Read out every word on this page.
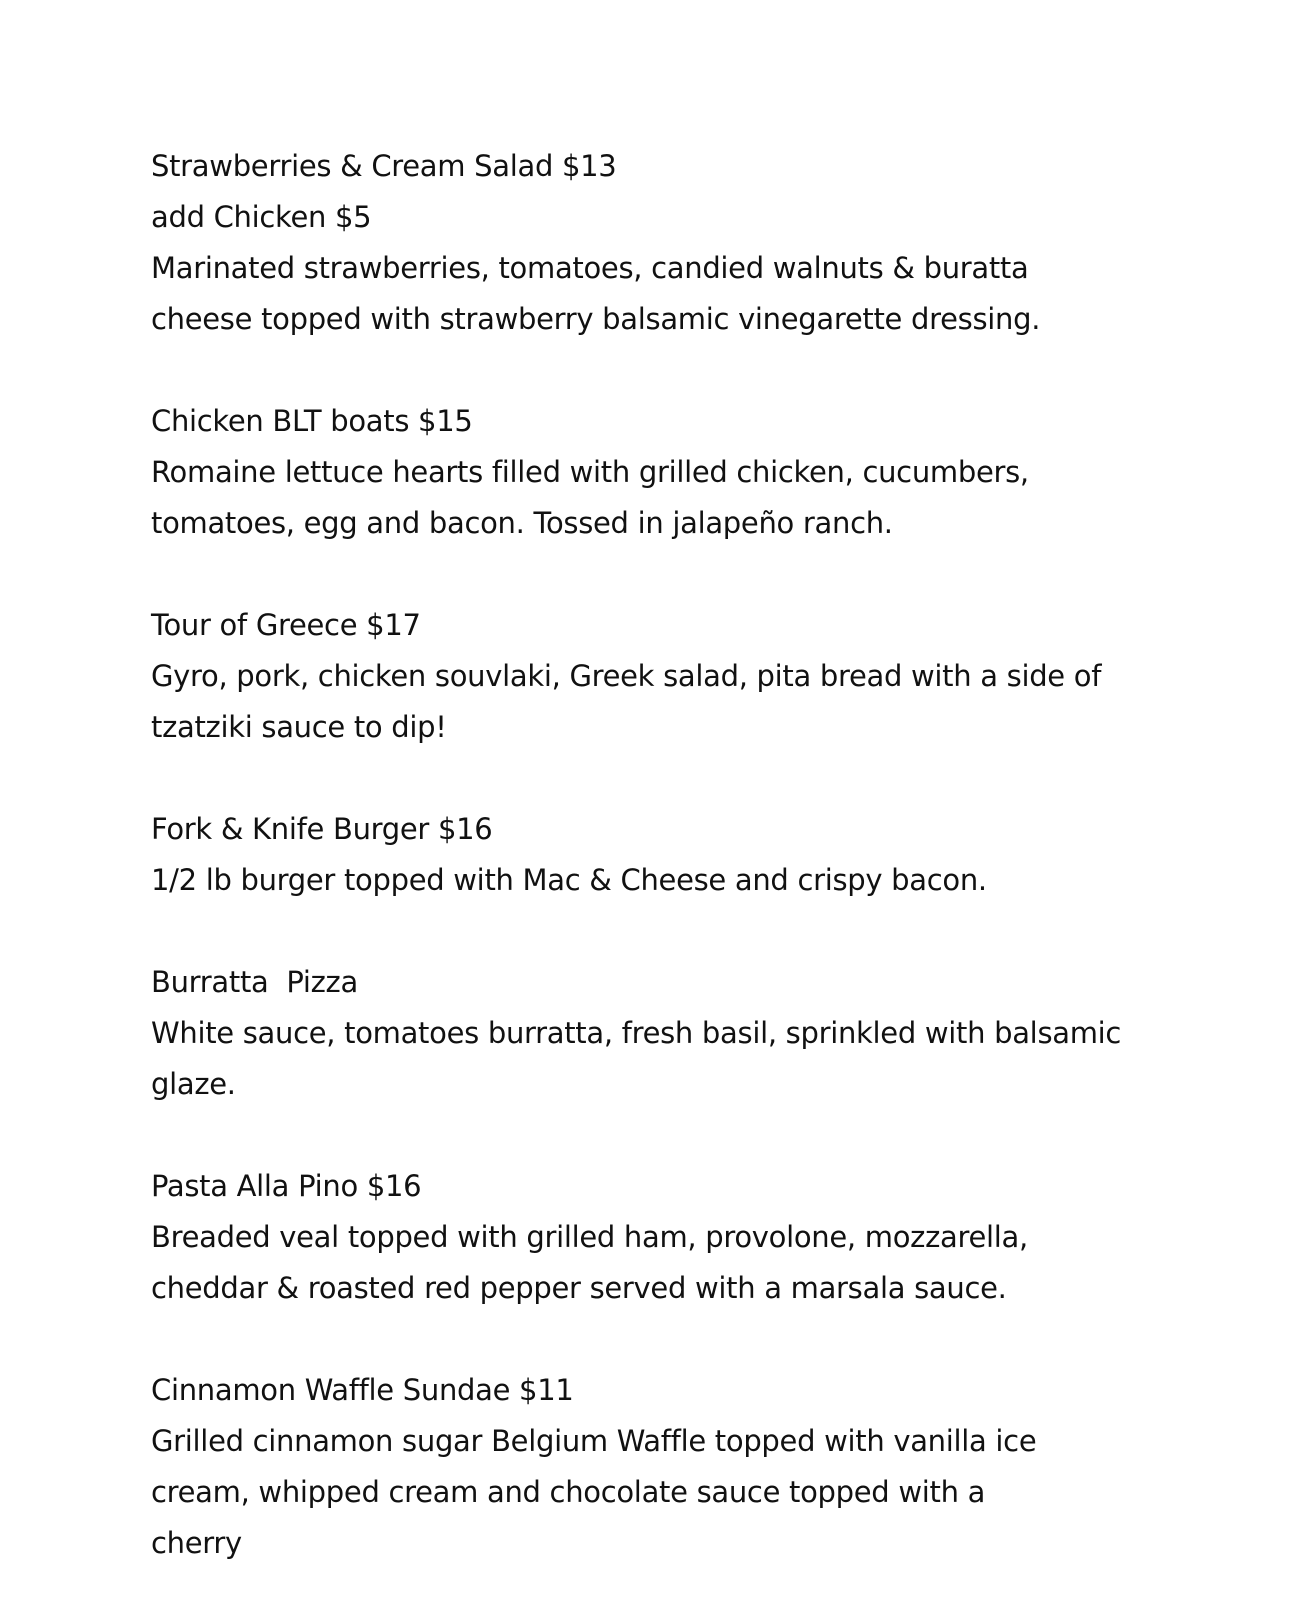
Strawberries & Cream Salad $13
add Chicken $5
Marinated strawberries, tomatoes, candied walnuts & buratta cheese topped with strawberry balsamic vinegarette dressing.
Chicken BLT boats $15
Romaine lettuce hearts filled with grilled chicken, cucumbers, tomatoes, egg and bacon. Tossed in jalapeño ranch.
Tour of Greece $17
Gyro, pork, chicken souvlaki, Greek salad, pita bread with a side of tzatziki sauce to dip!
Fork & Knife Burger $16
1/2 lb burger topped with Mac & Cheese and crispy bacon.
Burratta  Pizza
White sauce, tomatoes burratta, fresh basil, sprinkled with balsamic glaze.
Pasta Alla Pino $16
Breaded veal topped with grilled ham, provolone, mozzarella, cheddar & roasted red pepper served with a marsala sauce.
Cinnamon Waffle Sundae $11
Grilled cinnamon sugar Belgium Waffle topped with vanilla ice cream, whipped cream and chocolate sauce topped with a cherry
